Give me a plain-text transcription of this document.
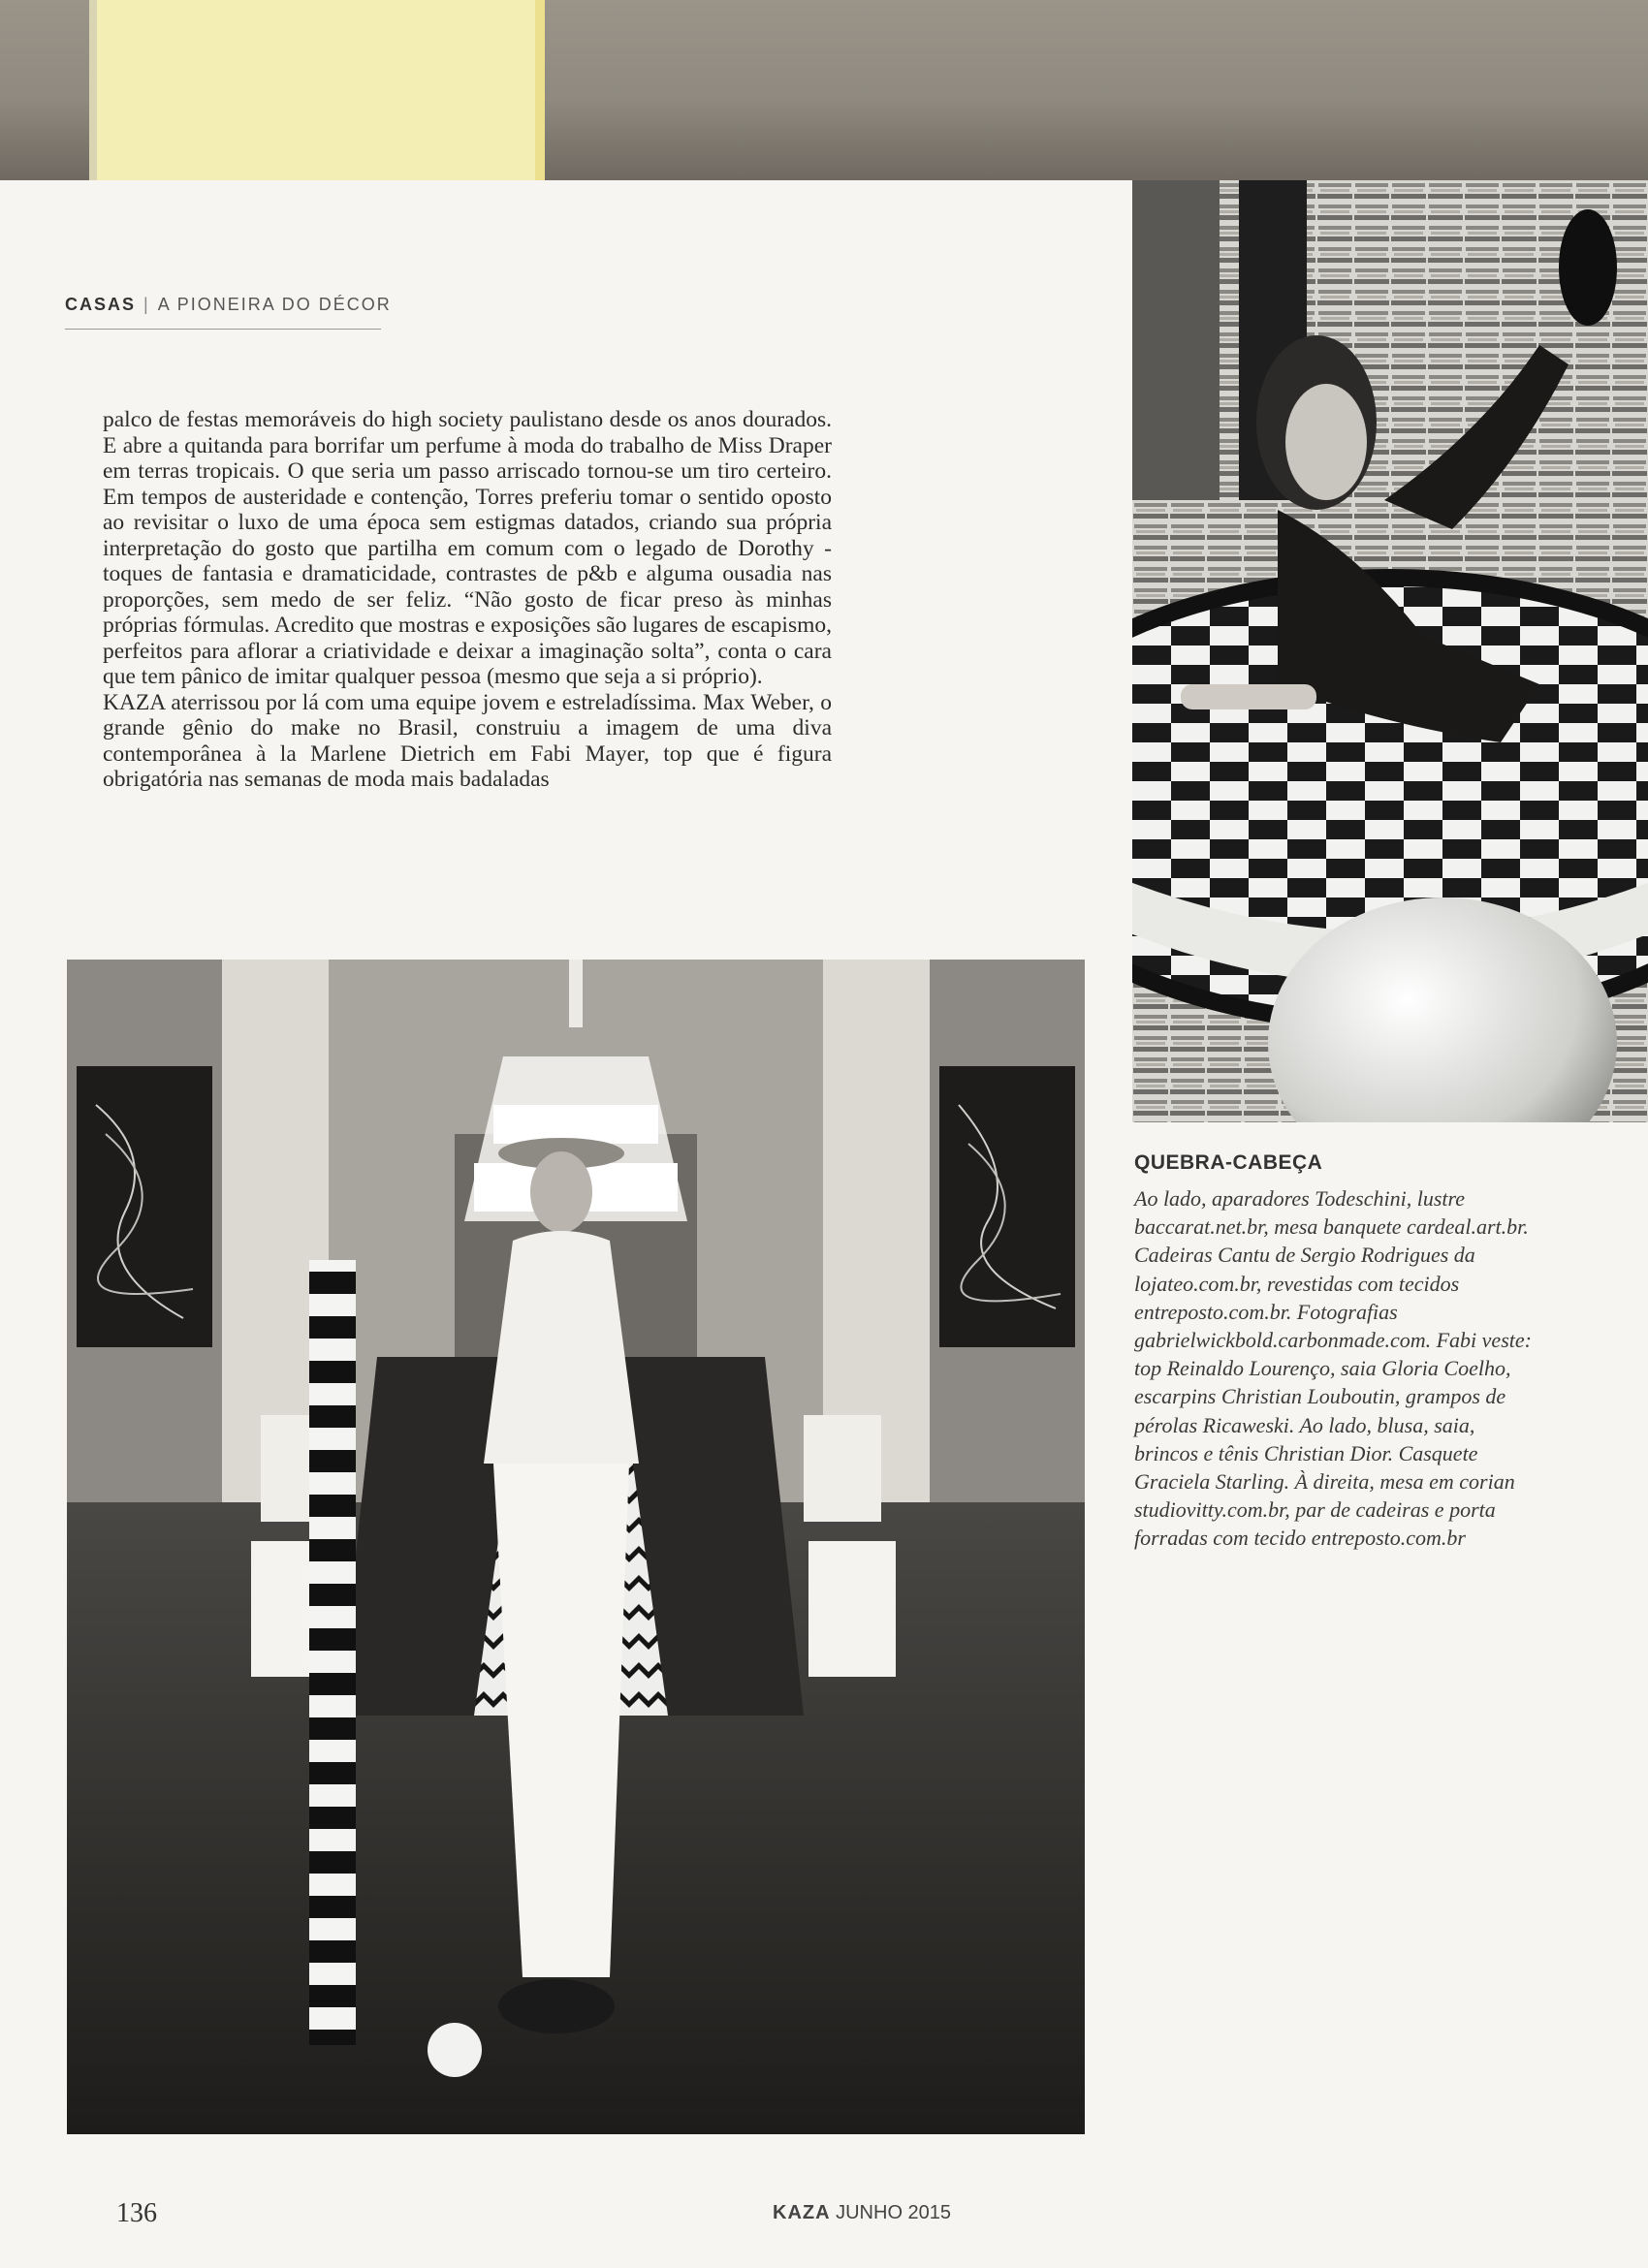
CASAS | A PIONEIRA DO DÉCOR

palco de festas memoráveis do high society paulistano desde os anos dourados. E abre a quitanda para borrifar um perfume à moda do trabalho de Miss Draper em terras tropicais. O que seria um passo arriscado tornou-se um tiro certeiro. Em tempos de austeridade e contenção, Torres preferiu tomar o sentido oposto ao revisitar o luxo de uma época sem estigmas datados, criando sua própria interpretação do gosto que partilha em comum com o legado de Dorothy - toques de fantasia e dramaticidade, contrastes de p&b e alguma ousadia nas proporções, sem medo de ser feliz. “Não gosto de ficar preso às minhas próprias fórmulas. Acredito que mostras e exposições são lugares de escapismo, perfeitos para aflorar a criatividade e deixar a imaginação solta”, conta o cara que tem pânico de imitar qualquer pessoa (mesmo que seja a si próprio).

KAZA aterrissou por lá com uma equipe jovem e estreladíssima. Max Weber, o grande gênio do make no Brasil, construiu a imagem de uma diva contemporânea à la Marlene Dietrich em Fabi Mayer, top que é figura obrigatória nas semanas de moda mais badaladas

QUEBRA-CABEÇA
Ao lado, aparadores Todeschini, lustre baccarat.net.br, mesa banquete cardeal.art.br. Cadeiras Cantu de Sergio Rodrigues da lojateo.com.br, revestidas com tecidos entreposto.com.br. Fotografias gabrielwickbold.carbonmade.com. Fabi veste: top Reinaldo Lourenço, saia Gloria Coelho, escarpins Christian Louboutin, grampos de pérolas Ricaweski. Ao lado, blusa, saia, brincos e tênis Christian Dior. Casquete Graciela Starling. À direita, mesa em corian studiovitty.com.br, par de cadeiras e porta forradas com tecido entreposto.com.br
136	KAZA JUNHO 2015
